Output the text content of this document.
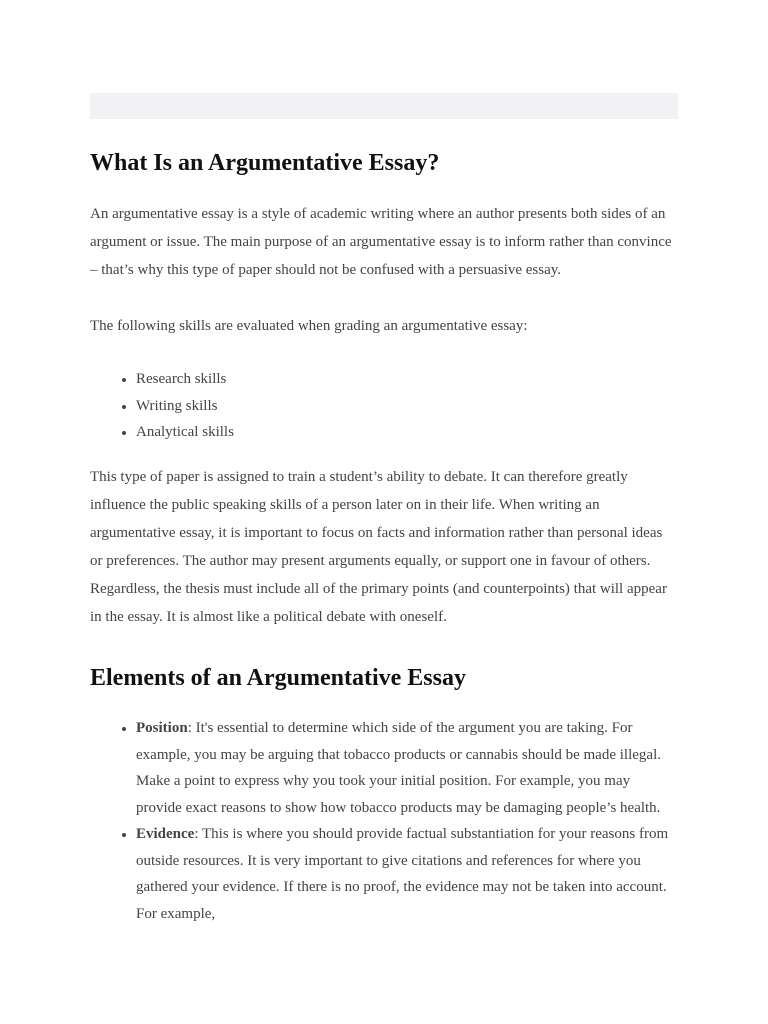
What Is an Argumentative Essay?

An argumentative essay is a style of academic writing where an author presents both sides of an argument or issue. The main purpose of an argumentative essay is to inform rather than convince – that’s why this type of paper should not be confused with a persuasive essay.

The following skills are evaluated when grading an argumentative essay:

• Research skills
• Writing skills
• Analytical skills

This type of paper is assigned to train a student’s ability to debate. It can therefore greatly influence the public speaking skills of a person later on in their life. When writing an argumentative essay, it is important to focus on facts and information rather than personal ideas or preferences. The author may present arguments equally, or support one in favour of others. Regardless, the thesis must include all of the primary points (and counterpoints) that will appear in the essay. It is almost like a political debate with oneself.

Elements of an Argumentative Essay
• Position: It's essential to determine which side of the argument you are taking. For example, you may be arguing that tobacco products or cannabis should be made illegal. Make a point to express why you took your initial position. For example, you may provide exact reasons to show how tobacco products may be damaging people’s health.
• Evidence: This is where you should provide factual substantiation for your reasons from outside resources. It is very important to give citations and references for where you gathered your evidence. If there is no proof, the evidence may not be taken into account. For example,
